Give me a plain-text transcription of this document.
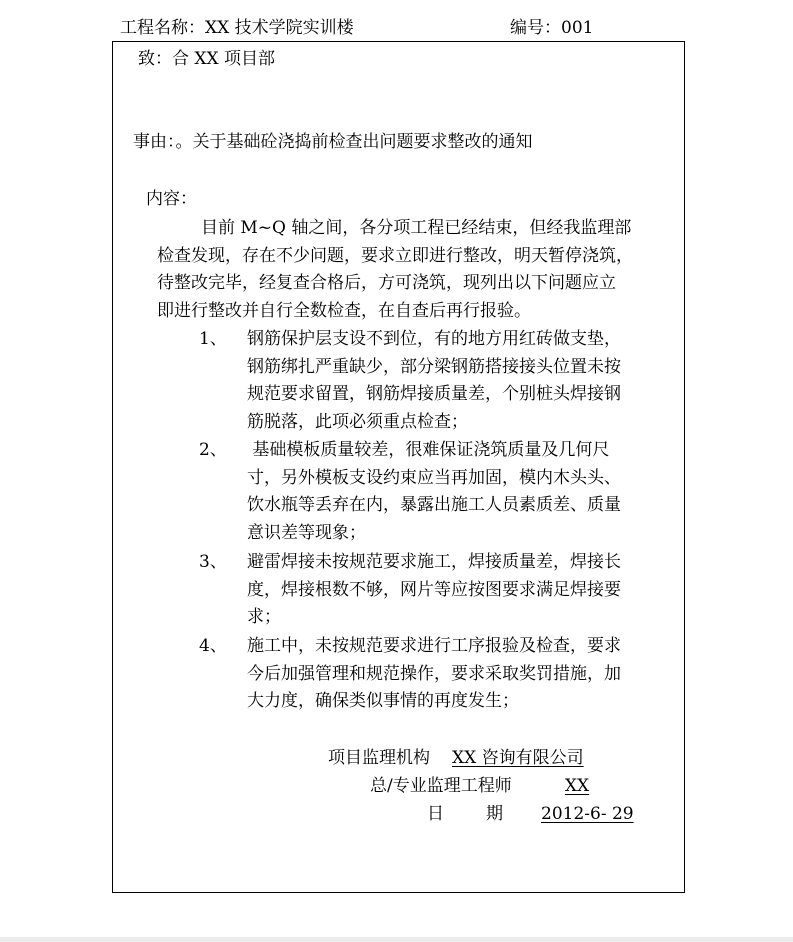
工程名称：XX 技术学院实训楼	编号：001
致：合 XX 项目部
事由：。关于基础砼浇捣前检查出问题要求整改的通知
内容：
目前 M~Q 轴之间，各分项工程已经结束，但经我监理部
检查发现，存在不少问题，要求立即进行整改，明天暂停浇筑，
待整改完毕，经复查合格后，方可浇筑，现列出以下问题应立
即进行整改并自行全数检查，在自查后再行报验。
1、 钢筋保护层支设不到位，有的地方用红砖做支垫，
钢筋绑扎严重缺少，部分梁钢筋搭接接头位置未按
规范要求留置，钢筋焊接质量差，个别桩头焊接钢
筋脱落，此项必须重点检查；
2、 基础模板质量较差，很难保证浇筑质量及几何尺
寸，另外模板支设约束应当再加固，模内木头头、
饮水瓶等丢弃在内，暴露出施工人员素质差、质量
意识差等现象；
3、 避雷焊接未按规范要求施工，焊接质量差，焊接长
度，焊接根数不够，网片等应按图要求满足焊接要
求；
4、 施工中，未按规范要求进行工序报验及检查，要求
今后加强管理和规范操作，要求采取奖罚措施，加
大力度，确保类似事情的再度发生；
项目监理机构 XX 咨询有限公司
总/专业监理工程师	XX
日 期 2012-6- 29
